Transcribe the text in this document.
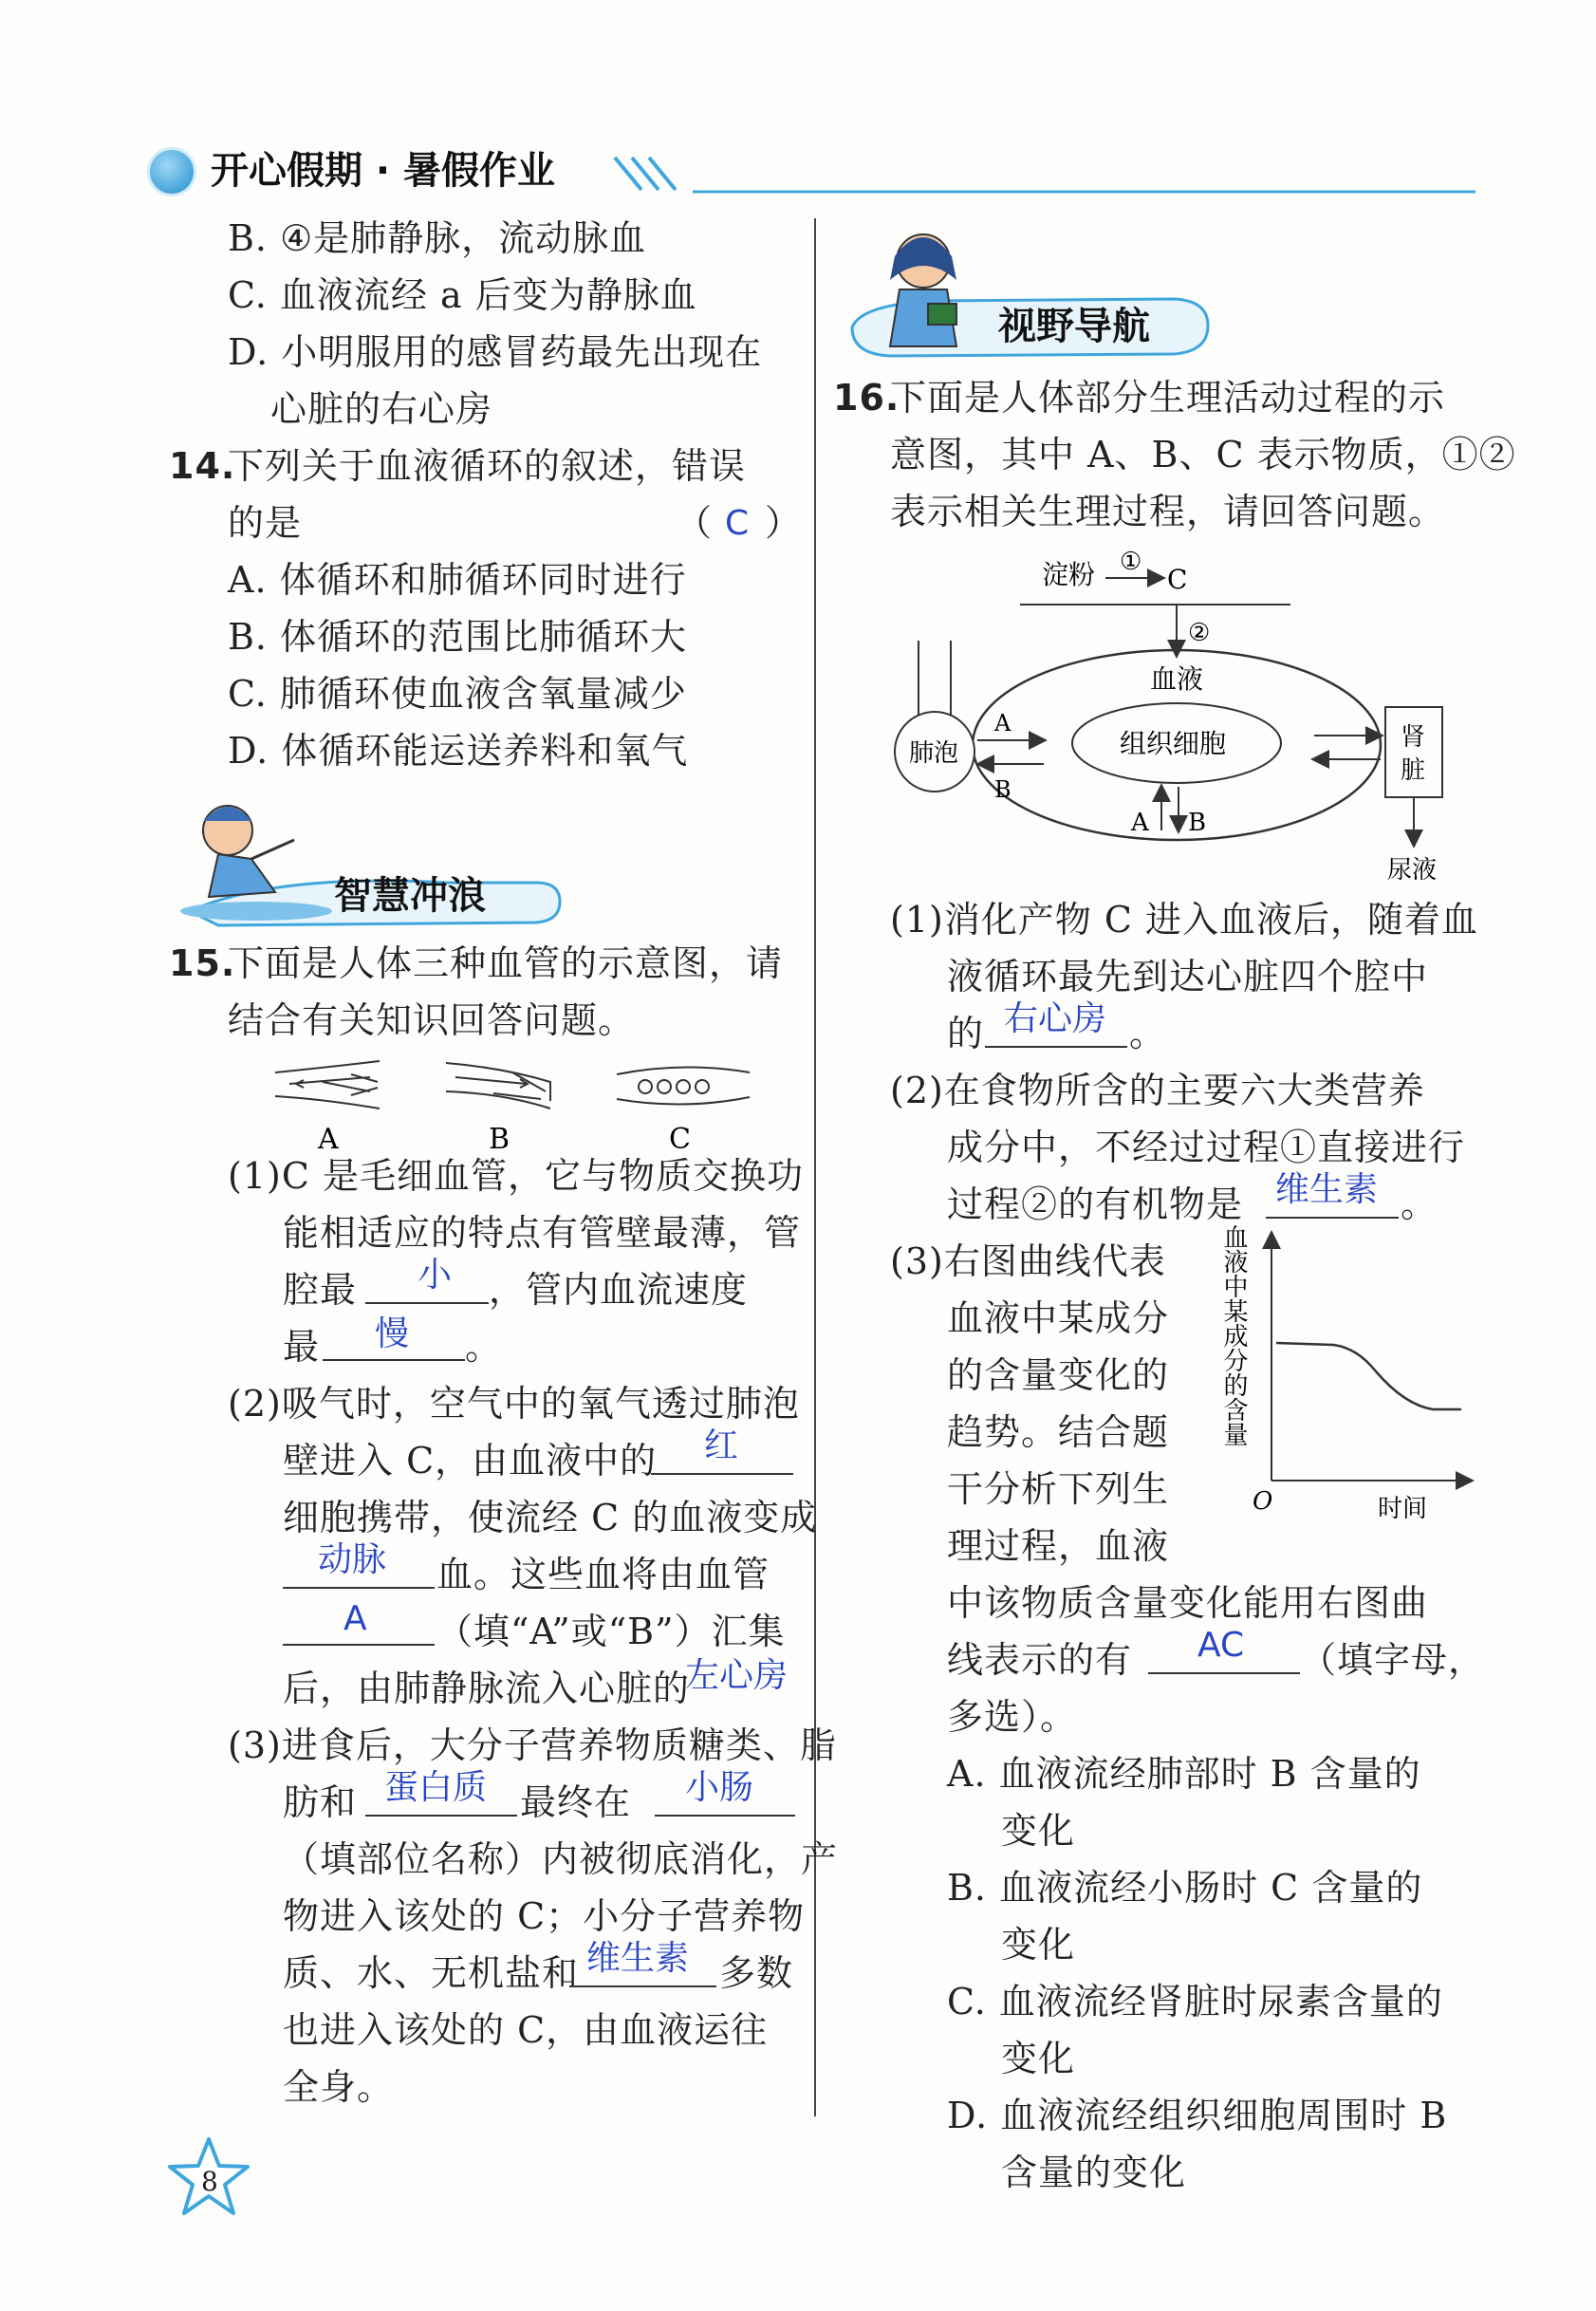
开心假期 · 暑假作业
B. ④是肺静脉，流动脉血
C. 血液流经 a 后变为静脉血
D. 小明服用的感冒药最先出现在
心脏的右心房
14.
下列关于血液循环的叙述，错误
的是	（ C ）
A. 体循环和肺循环同时进行
B. 体循环的范围比肺循环大
C. 肺循环使血液含氧量减少
D. 体循环能运送养料和氧气
智慧冲浪
15.
下面是人体三种血管的示意图，请
结合有关知识回答问题。
A	B	C
(1)C 是毛细血管，它与物质交换功
能相适应的特点有管壁最薄，管
腔最 小 ，管内血流速度
最 慢 。
(2)吸气时，空气中的氧气透过肺泡
壁进入 C，由血液中的 红
细胞携带，使流经 C 的血液变成
动脉 血。这些血将由血管
A （填“A”或“B”）汇集
后，由肺静脉流入心脏的
左心房
(3)进食后，大分子营养物质糖类、脂
肪和 蛋白质 最终在 小肠
（填部位名称）内被彻底消化，产
物进入该处的 C；小分子营养物
质、水、无机盐和 维生素 多数
也进入该处的 C，由血液运往
全身。
视野导航
16.
下面是人体部分生理活动过程的示
意图，其中 A、B、C 表示物质，①②
表示相关生理过程，请回答问题。
淀粉 ①
C
②
血液
组织细胞
A B
肺泡
A
B
肾
脏
尿液
(1)消化产物 C 进入血液后，随着血
液循环最先到达心脏四个腔中
的 右心房 。
(2)在食物所含的主要六大类营养
成分中，不经过过程①直接进行
过程②的有机物是 维生素 。
(3)右图曲线代表
血液中某成分
的含量变化的
趋势。结合题
干分析下列生
理过程，血液
血液中某成分的含量
O	时间
中该物质含量变化能用右图曲
线表示的有 AC （填字母，
多选）。
A. 血液流经肺部时 B 含量的
变化
B. 血液流经小肠时 C 含量的
变化
C. 血液流经肾脏时尿素含量的
变化
D. 血液流经组织细胞周围时 B
含量的变化
8
